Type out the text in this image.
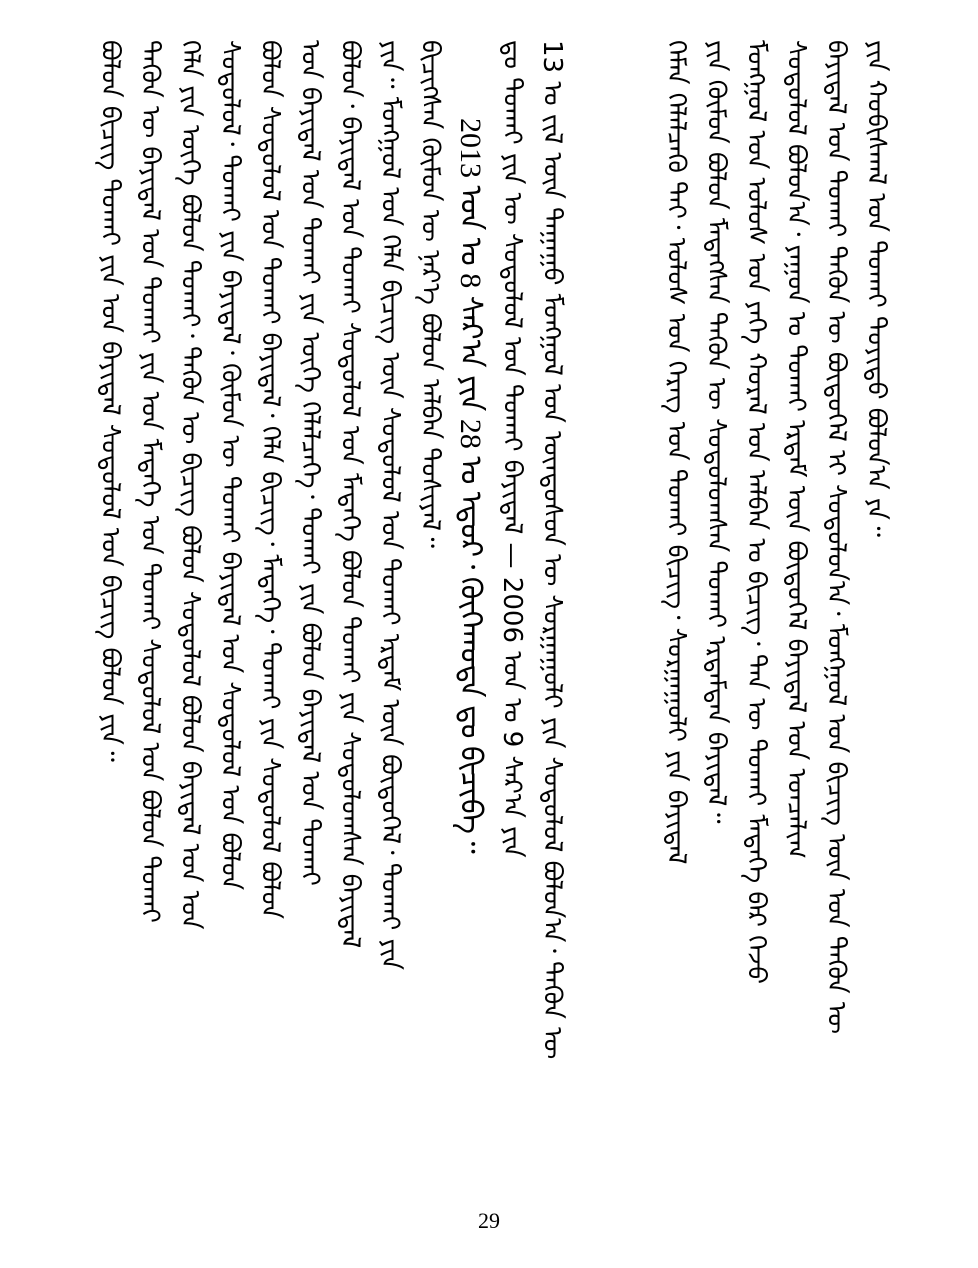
ᠶᠢᠨ ᠬᠤᠪᠢᠰᠬᠠᠯ ᠤᠨ ᠲᠤᠬᠠᠢ ᠲᠤᠶᠢᠲᠤ ᠪᠤᠯᠤᠨ᠎ᠠ ᠶᠠ᠃
ᠪᠠᠶᠢᠳᠠᠯ ᠤᠨ ᠲᠤᠬᠠᠢ ᠲᠡᠭᠦᠨ ᠦ ᠪᠦᠲᠦᠭᠡᠯ ᠢ ᠰᠤᠳᠤᠯᠤᠨ᠎ᠠ᠂ ᠮᠤᠩᠭᠤᠯ ᠤᠨ ᠪᠢᠴᠢᠭ ᠦᠨ ᠤᠨ ᠲᠡᠭᠦᠨ ᠦ
ᠰᠤᠳᠤᠯᠤᠯ ᠪᠤᠯᠤᠨ᠎ᠠ᠂ ᠶᠠᠭᠤᠨ ᠤ ᠲᠤᠬᠠᠢ ᠡᠷᠳᠡᠮ ᠦᠨ ᠪᠦᠲᠦᠭᠡᠯ ᠪᠠᠶᠢᠳᠠᠯ ᠤᠨ ᠤᠨᠴᠠᠯᠢᠭ
ᠮᠤᠩᠭᠤᠯ ᠤᠨ ᠤᠯᠤᠰ ᠤᠨ ᠶᠡᠬᠡ ᠬᠤᠷᠠᠯ ᠤᠨ ᠠᠯᠪᠠᠨ ᠤ ᠪᠢᠴᠢᠭ᠂ ᠲᠠᠨ ᠦ ᠲᠤᠬᠠᠢ ᠮᠡᠳᠡᠭᠡ ᠪᠡᠷ ᠭᠡᠵᠦ
ᠶᠢᠨ ᠬᠦᠮᠦᠨ ᠪᠤᠯᠤᠨ ᠮᠡᠳᠡᠭᠰᠡᠨ ᠲᠡᠭᠦᠨ ᠦ ᠰᠤᠳᠤᠯᠤᠭᠰᠠᠨ ᠲᠤᠬᠠᠢ ᠡᠷᠳᠡᠮᠲᠡᠨ ᠪᠠᠶᠢᠳᠠᠯ᠃
ᠬᠡᠮᠡᠨ ᠬᠡᠯᠡᠯᠴᠡᠬᠦ ᠲᠠᠢ᠂ ᠤᠯᠤᠰ ᠤᠨ ᠬᠡᠷᠡᠭ ᠤᠨ ᠲᠤᠬᠠᠢ ᠪᠢᠴᠢᠭ᠂ ᠰᠤᠷᠭᠠᠭᠤᠯᠢ ᠶᠢᠨ ᠪᠠᠶᠢᠳᠠᠯ
13 ᠤ ᠵᠢᠯ ᠦᠨ ᠳᠠᠭᠠᠭᠤ ᠮᠤᠩᠭᠤᠯ ᠤᠨ ᠦᠨᠳᠦᠰᠦᠨ ᠦ ᠰᠤᠷᠭᠠᠭᠤᠯᠢ ᠶᠢᠨ ᠰᠤᠳᠤᠯᠤᠯ ᠪᠤᠯᠤᠨ᠎ᠠ᠂ ᠲᠡᠭᠦᠨ ᠦ
ᠳᠤ ᠲᠤᠬᠠᠢ ᠶᠢᠨ ᠦ ᠰᠤᠳᠤᠯᠤᠯ ᠤᠨ ᠲᠤᠬᠠᠢ ᠪᠠᠶᠢᠳᠠᠯ — 2006 ᠤᠨ ᠤ 9 ᠰᠠᠷ᠎ᠠ ᠶᠢᠨ
2013 ᠤᠨ ᠤ 8 ᠰᠠᠷ᠎ᠠ ᠶᠢᠨ 28 ᠤ ᠡᠳᠦᠷ᠂ ᠬᠦᠬᠡᠬᠣᠲᠠ ᠳᠤ ᠪᠢᠴᠢᠪᠡ᠃
ᠪᠢᠴᠢᠭᠰᠡᠨ ᠬᠦᠮᠦᠨ ᠦ ᠨᠡᠷ᠎ᠡ ᠪᠤᠯᠤᠨ ᠠᠯᠪᠠᠨ ᠲᠤᠰᠢᠶᠠᠯ᠃
ᠶᠢᠨ᠃ ᠮᠤᠩᠭᠤᠯ ᠤᠨ ᠬᠡᠯᠡ ᠪᠢᠴᠢᠭ ᠦᠨ ᠰᠤᠳᠤᠯᠤᠯ ᠤᠨ ᠲᠤᠬᠠᠢ ᠡᠷᠳᠡᠮ ᠦᠨ ᠪᠦᠲᠦᠭᠡᠯ᠂ ᠲᠤᠬᠠᠢ ᠶᠢᠨ
ᠪᠤᠯᠤᠨ᠂ ᠪᠠᠶᠢᠳᠠᠯ ᠤᠨ ᠲᠤᠬᠠᠢ ᠰᠤᠳᠤᠯᠤᠯ ᠤᠨ ᠮᠡᠳᠡᠭᠡ ᠪᠤᠯᠤᠨ ᠲᠤᠬᠠᠢ ᠶᠢᠨ ᠰᠤᠳᠤᠯᠤᠭᠰᠠᠨ ᠪᠠᠶᠢᠳᠠᠯ
ᠤᠨ ᠪᠠᠶᠢᠳᠠᠯ ᠤᠨ ᠲᠤᠬᠠᠢ ᠶᠢᠨ ᠦᠭᠡ ᠬᠡᠯᠡᠯᠴᠡᠭᠡ᠂ ᠲᠤᠬᠠᠢ ᠶᠢᠨ ᠪᠤᠯᠤᠨ ᠪᠠᠶᠢᠳᠠᠯ ᠤᠨ ᠲᠤᠬᠠᠢ
ᠪᠤᠯᠤᠨ ᠰᠤᠳᠤᠯᠤᠯ ᠤᠨ ᠲᠤᠬᠠᠢ ᠪᠠᠶᠢᠳᠠᠯ᠂ ᠬᠡᠯᠡ ᠪᠢᠴᠢᠭ᠂ ᠮᠡᠳᠡᠭᠡ᠂ ᠲᠤᠬᠠᠢ ᠶᠢᠨ ᠰᠤᠳᠤᠯᠤᠯ ᠪᠤᠯᠤᠨ
ᠰᠤᠳᠤᠯᠤᠯ᠂ ᠲᠤᠬᠠᠢ ᠶᠢᠨ ᠪᠠᠶᠢᠳᠠᠯ᠂ ᠬᠦᠮᠦᠨ ᠦ ᠲᠤᠬᠠᠢ ᠪᠠᠶᠢᠳᠠᠯ ᠤᠨ ᠰᠤᠳᠤᠯᠤᠯ ᠤᠨ ᠪᠤᠯᠤᠨ
ᠬᠡᠯᠡ ᠶᠢᠨ ᠦᠭᠡ ᠪᠤᠯᠤᠨ ᠲᠤᠬᠠᠢ᠂ ᠲᠡᠭᠦᠨ ᠦ ᠪᠢᠴᠢᠭ ᠪᠤᠯᠤᠨ ᠰᠤᠳᠤᠯᠤᠯ ᠪᠤᠯᠤᠨ ᠪᠠᠶᠢᠳᠠᠯ ᠤᠨ ᠤᠨ
ᠲᠡᠭᠦᠨ ᠦ ᠪᠠᠶᠢᠳᠠᠯ ᠤᠨ ᠲᠤᠬᠠᠢ ᠶᠢᠨ ᠤᠨ ᠮᠡᠳᠡᠭᠡ ᠤᠨ ᠲᠤᠬᠠᠢ ᠰᠤᠳᠤᠯᠤᠯ ᠤᠨ ᠪᠤᠯᠤᠨ ᠲᠤᠬᠠᠢ
ᠪᠤᠯᠤᠨ ᠪᠢᠴᠢᠭ ᠲᠤᠬᠠᠢ ᠶᠢᠨ ᠤᠨ ᠪᠠᠶᠢᠳᠠᠯ ᠰᠤᠳᠤᠯᠤᠯ ᠤᠨ ᠪᠢᠴᠢᠭ ᠪᠤᠯᠤᠨ ᠶᠢᠨ᠃
29
